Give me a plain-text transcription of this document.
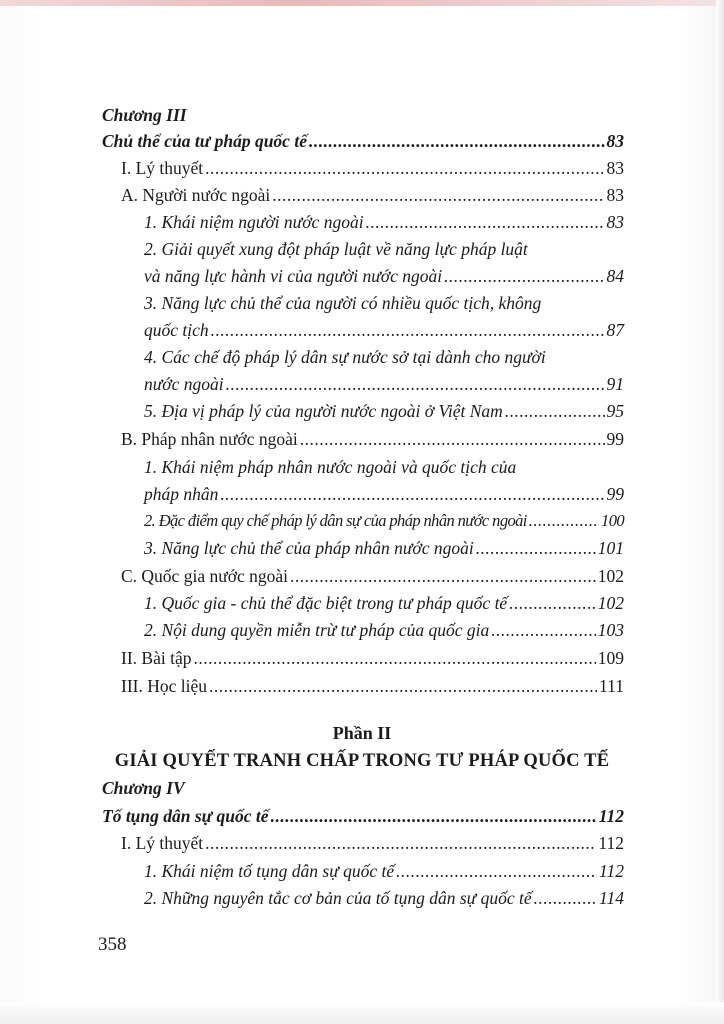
Chương III
Chủ thể của tư pháp quốc tế .....	83
I. Lý thuyết .....	83
A. Người nước ngoài .....	83
1. Khái niệm người nước ngoài .....	83
2. Giải quyết xung đột pháp luật về năng lực pháp luật
và năng lực hành vi của người nước ngoài .....	84
3. Năng lực chủ thể của người có nhiều quốc tịch, không
quốc tịch .....	87
4. Các chế độ pháp lý dân sự nước sở tại dành cho người
nước ngoài .....	91
5. Địa vị pháp lý của người nước ngoài ở Việt Nam .....	95
B. Pháp nhân nước ngoài .....	99
1. Khái niệm pháp nhân nước ngoài và quốc tịch của
pháp nhân .....	99
2. Đặc điểm quy chế pháp lý dân sự của pháp nhân nước ngoài .....	100
3. Năng lực chủ thể của pháp nhân nước ngoài .....	101
C. Quốc gia nước ngoài .....	102
1. Quốc gia - chủ thể đặc biệt trong tư pháp quốc tế .....	102
2. Nội dung quyền miễn trừ tư pháp của quốc gia .....	103
II. Bài tập .....	109
III. Học liệu .....	111
Phần II
GIẢI QUYẾT TRANH CHẤP TRONG TƯ PHÁP QUỐC TẾ
Chương IV
Tố tụng dân sự quốc tế .....	112
I. Lý thuyết .....	112
1. Khái niệm tố tụng dân sự quốc tế .....	112
2. Những nguyên tắc cơ bản của tố tụng dân sự quốc tế .....	114
358
